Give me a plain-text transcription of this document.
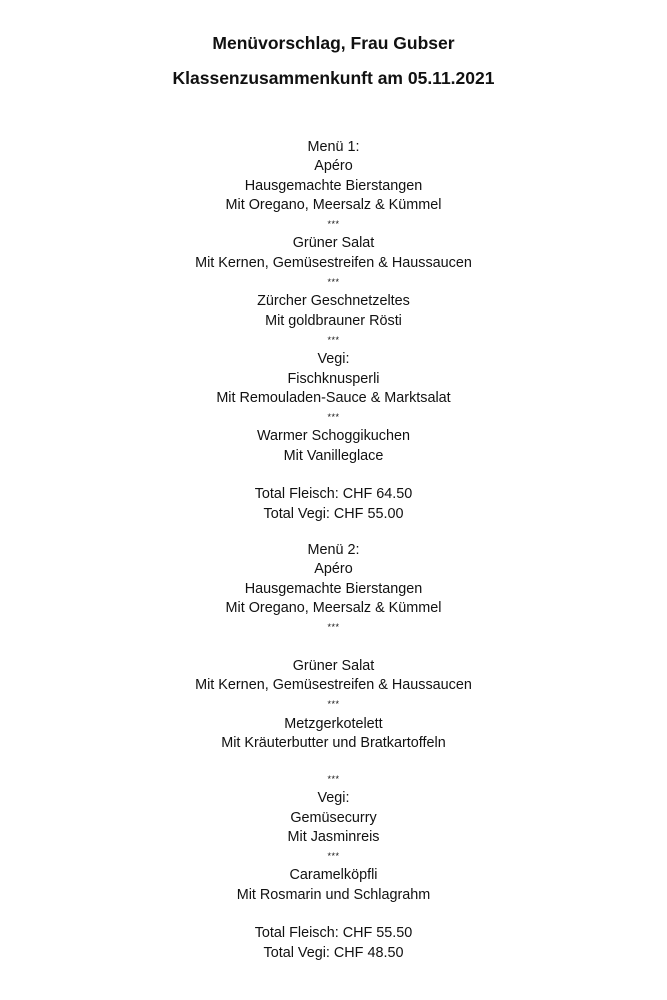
Menüvorschlag, Frau Gubser
Klassenzusammenkunft am 05.11.2021
Menü 1:
Apéro
Hausgemachte Bierstangen
Mit Oregano, Meersalz & Kümmel
***
Grüner Salat
Mit Kernen, Gemüsestreifen & Haussaucen
***
Zürcher Geschnetzeltes
Mit goldbrauner Rösti
***
Vegi:
Fischknusperli
Mit Remouladen-Sauce & Marktsalat
***
Warmer Schoggikuchen
Mit Vanilleglace
Total Fleisch: CHF 64.50
Total Vegi: CHF 55.00
Menü 2:
Apéro
Hausgemachte Bierstangen
Mit Oregano, Meersalz & Kümmel
***
Grüner Salat
Mit Kernen, Gemüsestreifen & Haussaucen
***
Metzgerkotelett
Mit Kräuterbutter und Bratkartoffeln
***
Vegi:
Gemüsecurry
Mit Jasminreis
***
Caramelköpfli
Mit Rosmarin und Schlagrahm
Total Fleisch: CHF 55.50
Total Vegi: CHF 48.50
